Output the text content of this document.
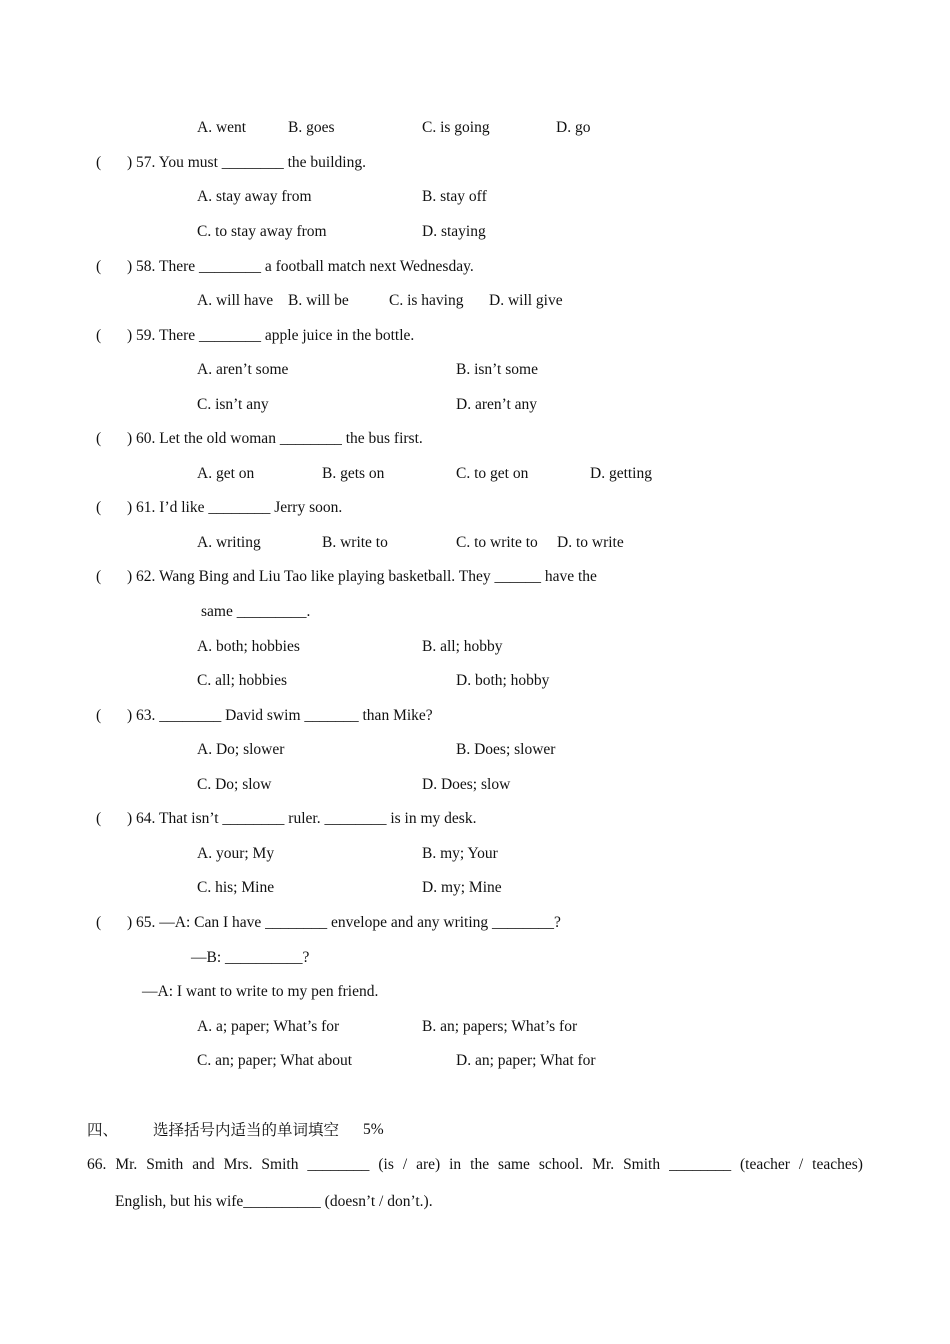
A. went	B. goes	C. is going	D. go
( ) 57. You must ________ the building.
A. stay away from	B. stay off
C. to stay away from	D. staying
( ) 58. There ________ a football match next Wednesday.
A. will have B. will be	C. is having D. will give
( ) 59. There ________ apple juice in the bottle.
A. aren’t some	B. isn’t some
C. isn’t any	D. aren’t any
( ) 60. Let the old woman ________ the bus first.
A. get on	B. gets on	C. to get on	D. getting
( ) 61. I’d like ________ Jerry soon.
A. writing	B. write to	C. to write to D. to write
( ) 62. Wang Bing and Liu Tao like playing basketball. They ______ have the
same _________.
A. both; hobbies	B. all; hobby
C. all; hobbies	D. both; hobby
( ) 63. ________ David swim _______ than Mike?
A. Do; slower	B. Does; slower
C. Do; slow	D. Does; slow
( ) 64. That isn’t ________ ruler. ________ is in my desk.
A. your; My	B. my; Your
C. his; Mine	D. my; Mine
( ) 65. —A: Can I have ________ envelope and any writing ________?
—B: __________?
—A: I want to write to my pen friend.
A. a; paper; What’s for	B. an; papers; What’s for
C. an; paper; What about	D. an; paper; What for
四、 选择括号内适当的单词填空 5%
66. Mr. Smith and Mrs. Smith ________ (is / are) in the same school. Mr. Smith ________ (teacher / teaches)
English, but his wife__________ (doesn’t / don’t.).
